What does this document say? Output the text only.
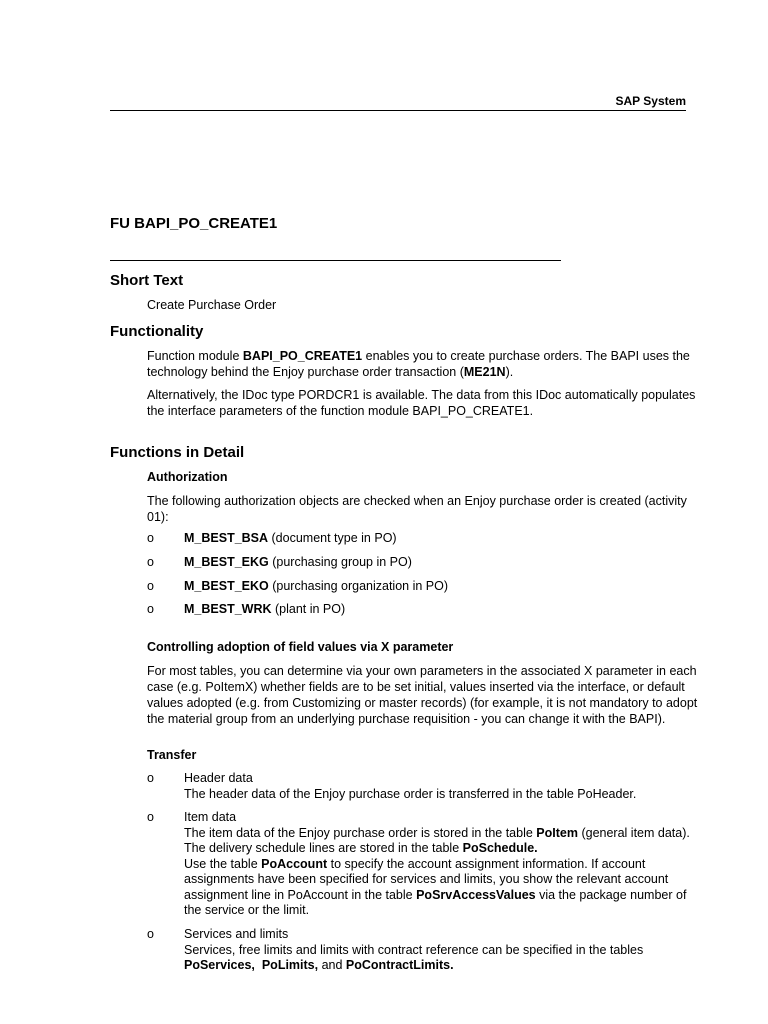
SAP System
FU BAPI_PO_CREATE1
Short Text
Create Purchase Order
Functionality
Function module BAPI_PO_CREATE1 enables you to create purchase orders. The BAPI uses the technology behind the Enjoy purchase order transaction (ME21N).
Alternatively, the IDoc type PORDCR1 is available. The data from this IDoc automatically populates the interface parameters of the function module BAPI_PO_CREATE1.
Functions in Detail
Authorization
The following authorization objects are checked when an Enjoy purchase order is created (activity 01):
o M_BEST_BSA (document type in PO)
o M_BEST_EKG (purchasing group in PO)
o M_BEST_EKO (purchasing organization in PO)
o M_BEST_WRK (plant in PO)
Controlling adoption of field values via X parameter
For most tables, you can determine via your own parameters in the associated X parameter in each case (e.g. PoItemX) whether fields are to be set initial, values inserted via the interface, or default values adopted (e.g. from Customizing or master records) (for example, it is not mandatory to adopt the material group from an underlying purchase requisition - you can change it with the BAPI).
Transfer
o Header data
The header data of the Enjoy purchase order is transferred in the table PoHeader.
o Item data
The item data of the Enjoy purchase order is stored in the table PoItem (general item data). The delivery schedule lines are stored in the table PoSchedule.
Use the table PoAccount to specify the account assignment information. If account assignments have been specified for services and limits, you show the relevant account assignment line in PoAccount in the table PoSrvAccessValues via the package number of the service or the limit.
o Services and limits
Services, free limits and limits with contract reference can be specified in the tables PoServices, PoLimits, and PoContractLimits.
